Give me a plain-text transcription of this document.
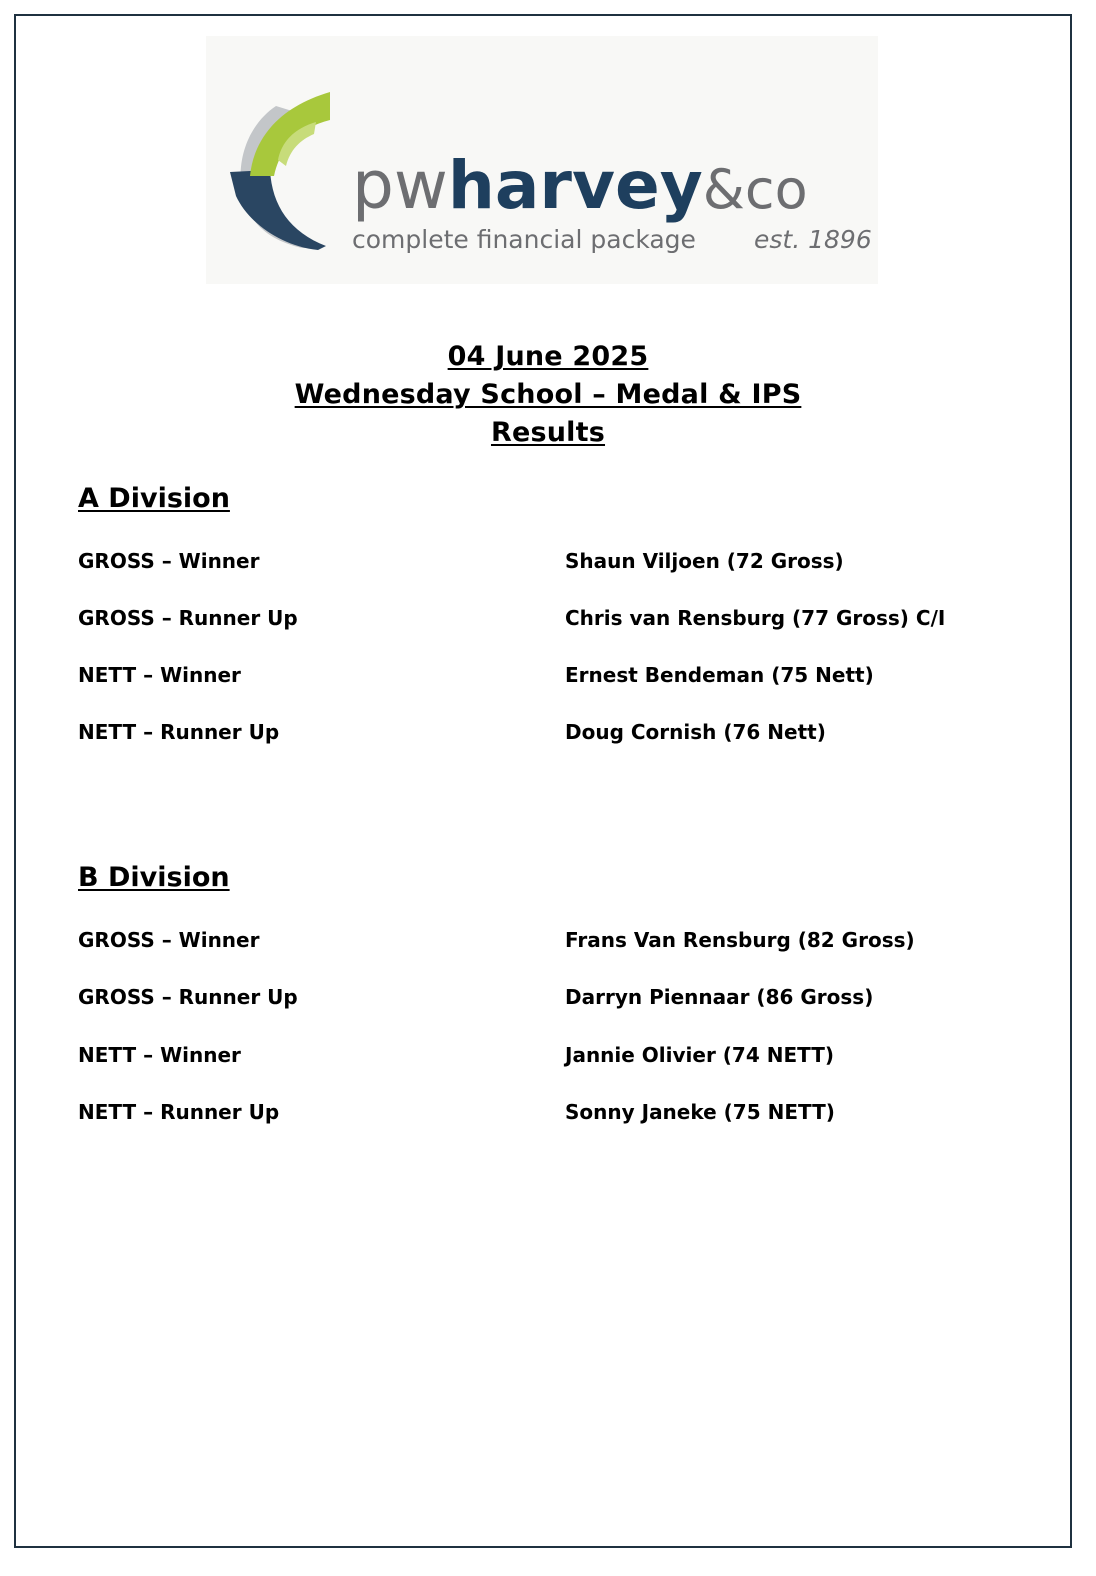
pwharvey&co
complete financial package est. 1896
04 June 2025
Wednesday School – Medal & IPS
Results
A Division
GROSS – Winner	Shaun Viljoen (72 Gross)
GROSS – Runner Up	Chris van Rensburg (77 Gross) C/I
NETT – Winner	Ernest Bendeman (75 Nett)
NETT – Runner Up	Doug Cornish (76 Nett)
B Division
GROSS – Winner	Frans Van Rensburg (82 Gross)
GROSS – Runner Up	Darryn Piennaar (86 Gross)
NETT – Winner	Jannie Olivier (74 NETT)
NETT – Runner Up	Sonny Janeke (75 NETT)
